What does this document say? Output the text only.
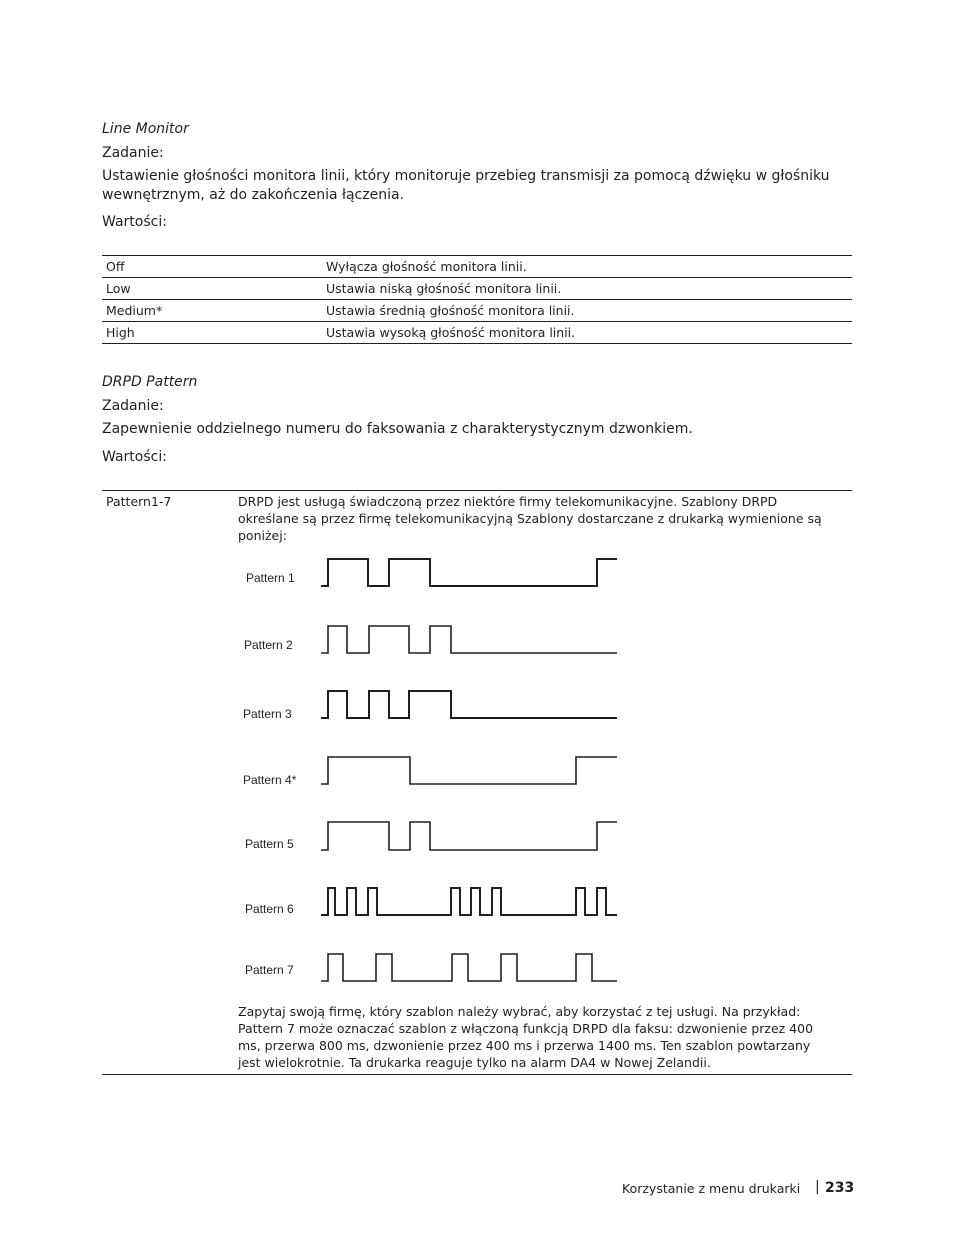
Line Monitor
Zadanie:
Ustawienie głośności monitora linii, który monitoruje przebieg transmisji za pomocą dźwięku w głośniku wewnętrznym, aż do zakończenia łączenia.
Wartości:
Off	Wyłącza głośność monitora linii.
Low	Ustawia niską głośność monitora linii.
Medium*	Ustawia średnią głośność monitora linii.
High	Ustawia wysoką głośność monitora linii.
DRPD Pattern
Zadanie:
Zapewnienie oddzielnego numeru do faksowania z charakterystycznym dzwonkiem.
Wartości:
Pattern1-7	DRPD jest usługą świadczoną przez niektóre firmy telekomunikacyjne. Szablony DRPD określane są przez firmę telekomunikacyjną Szablony dostarczane z drukarką wymienione są poniżej:
Zapytaj swoją firmę, który szablon należy wybrać, aby korzystać z tej usługi. Na przykład: Pattern 7 może oznaczać szablon z włączoną funkcją DRPD dla faksu: dzwonienie przez 400 ms, przerwa 800 ms, dzwonienie przez 400 ms i przerwa 1400 ms. Ten szablon powtarzany jest wielokrotnie. Ta drukarka reaguje tylko na alarm DA4 w Nowej Zelandii.
Pattern 1
Pattern 2
Pattern 3
Pattern 4*
Pattern 5
Pattern 6
Pattern 7
Korzystanie z menu drukarki | 233
